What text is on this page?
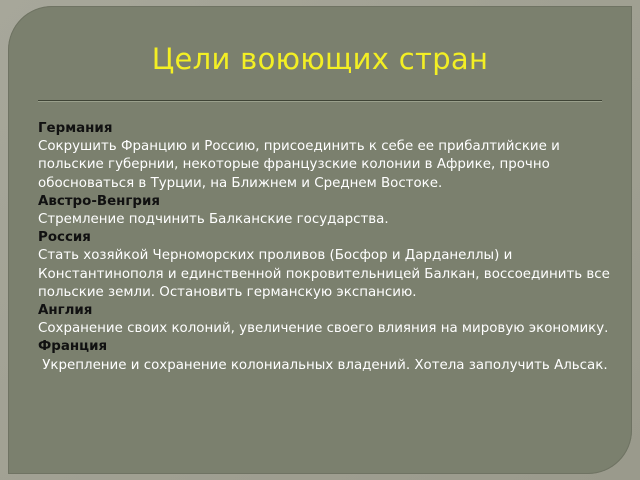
Цели воюющих стран
Германия
Сокрушить Францию и Россию, присоединить к себе ее прибалтийские и польские губернии, некоторые французские колонии в Африке, прочно обосноваться в Турции, на Ближнем и Среднем Востоке.
Австро-Венгрия
Стремление подчинить Балканские государства.
Россия
Стать хозяйкой Черноморских проливов (Босфор и Дарданеллы) и Константинополя и единственной покровительницей Балкан, воссоединить все польские земли. Остановить германскую экспансию.
Англия
Сохранение своих колоний, увеличение своего влияния на мировую экономику.
Франция
Укрепление и сохранение колониальных владений. Хотела заполучить Альсак.
